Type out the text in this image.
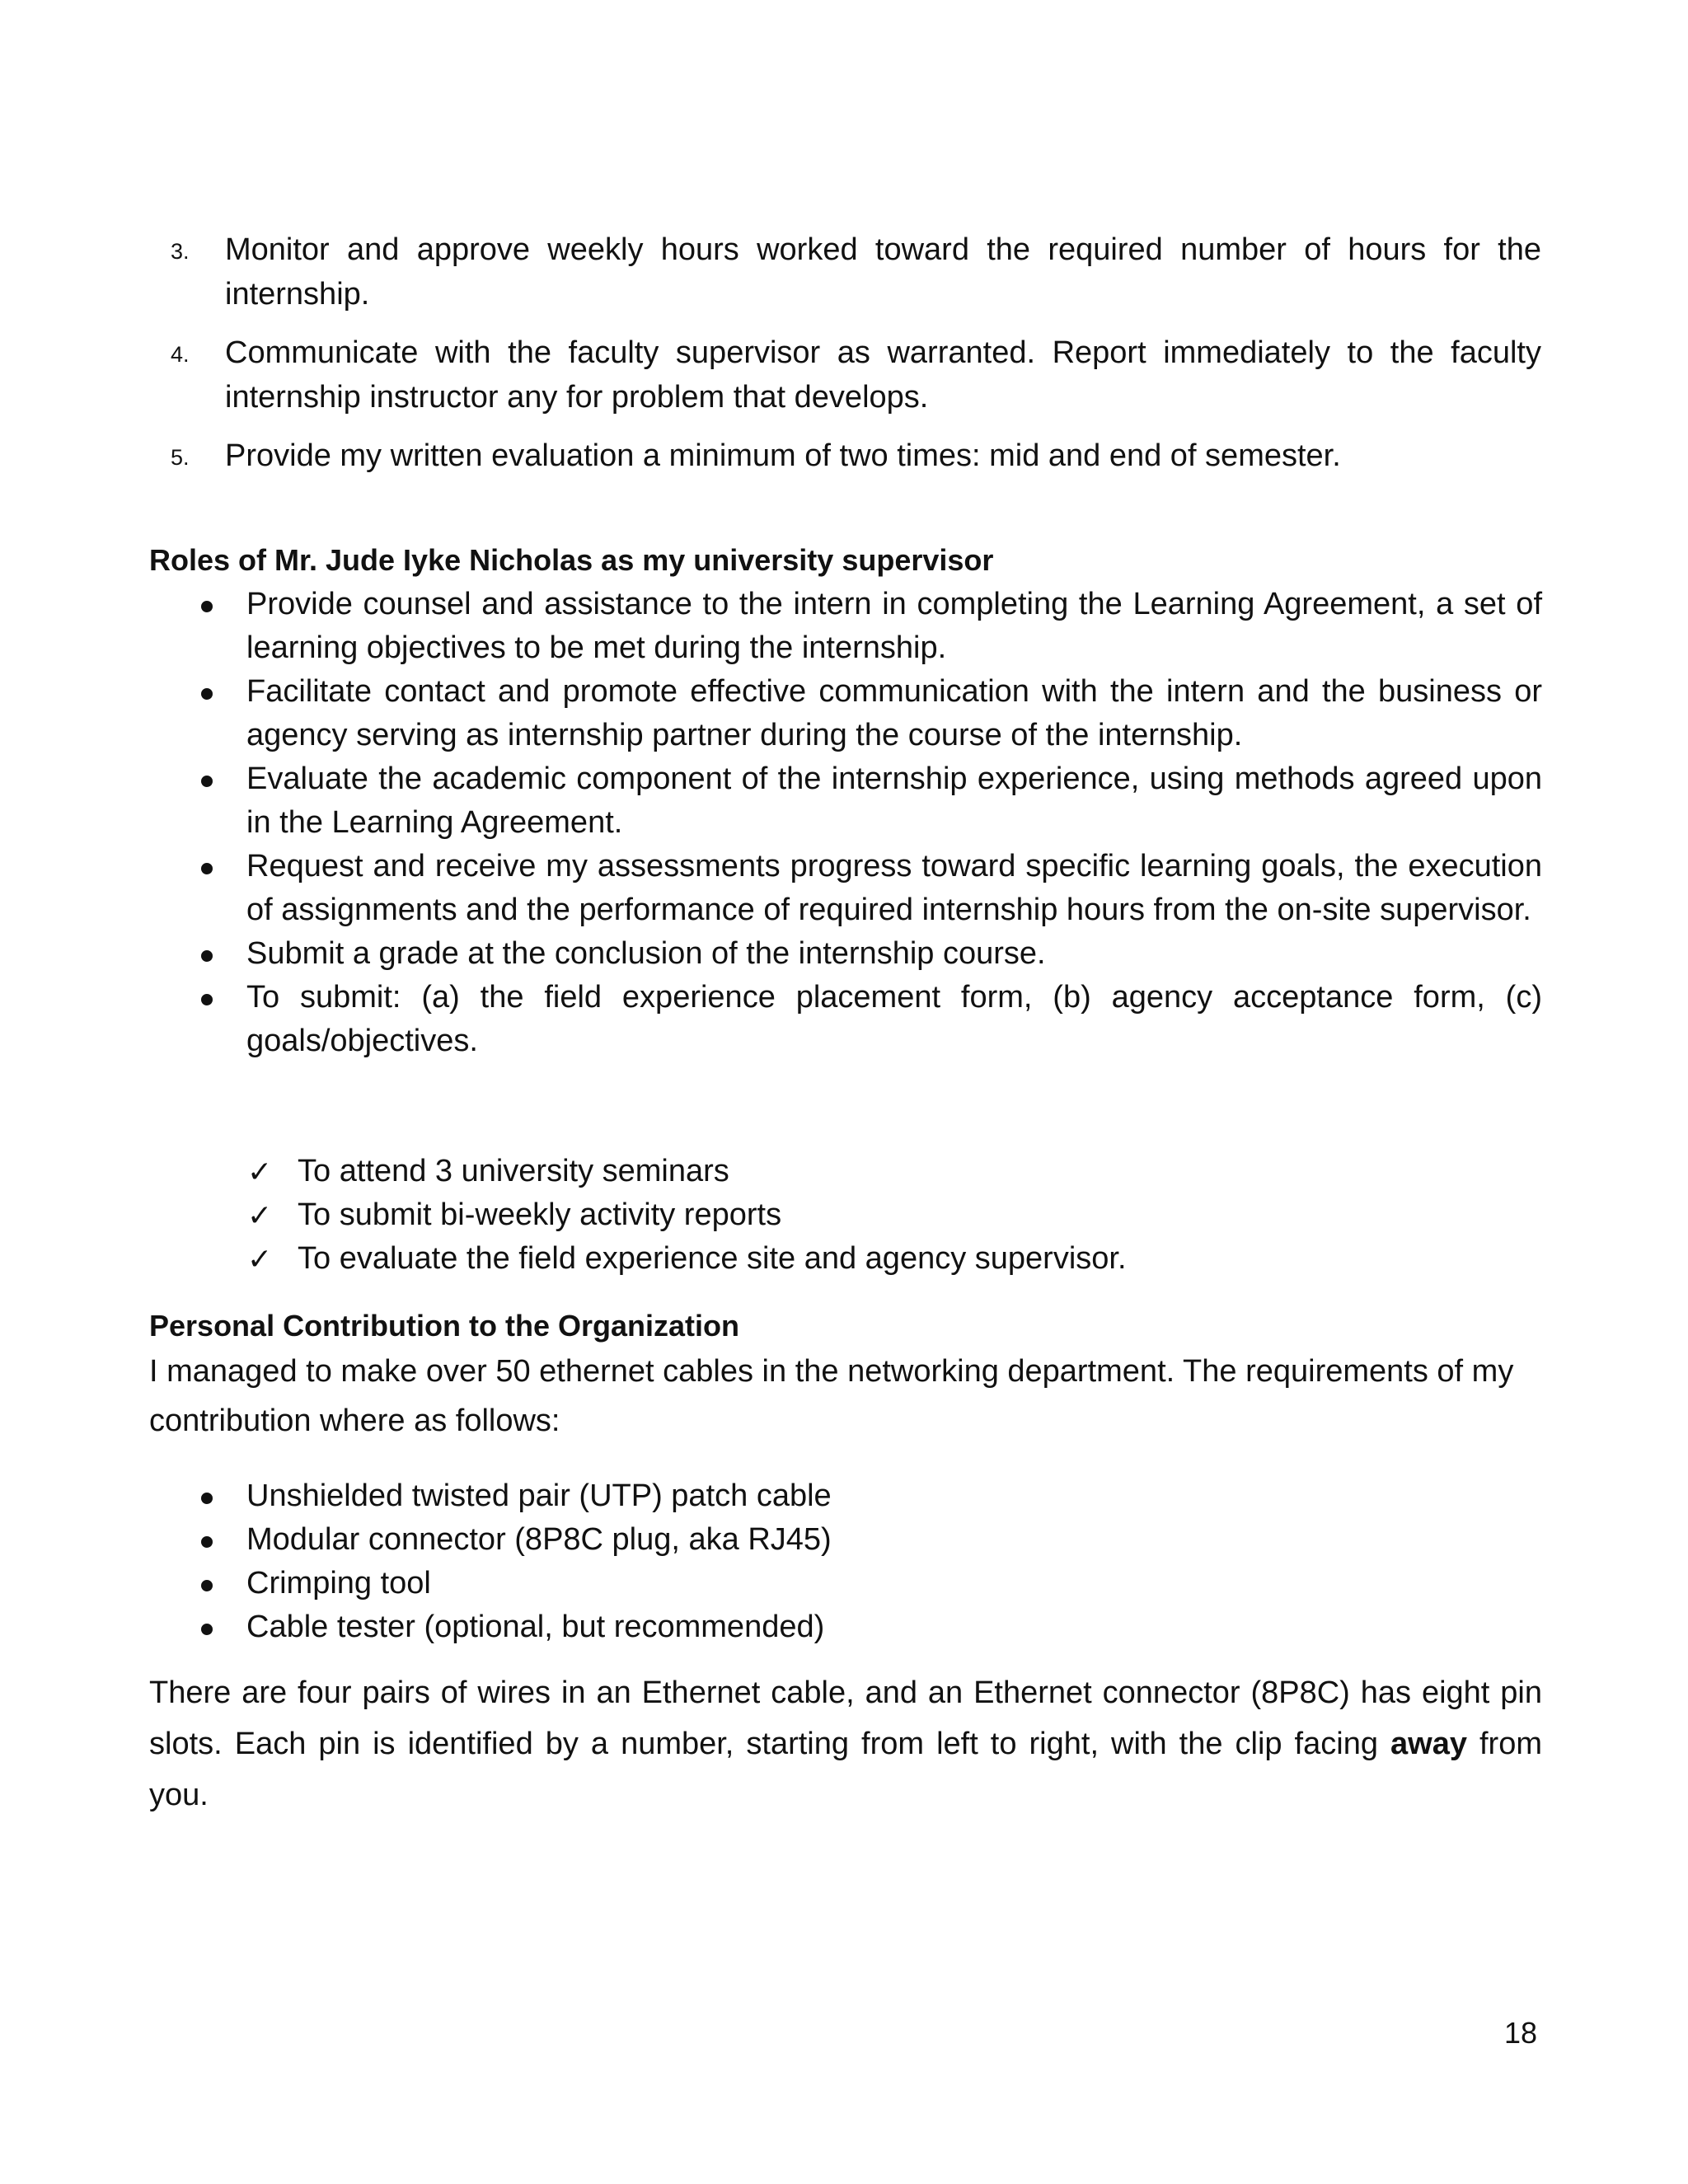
3. Monitor and approve weekly hours worked toward the required number of hours for the internship.
4. Communicate with the faculty supervisor as warranted. Report immediately to the faculty internship instructor any for problem that develops.
5. Provide my written evaluation a minimum of two times: mid and end of semester.
Roles of Mr. Jude Iyke Nicholas as my university supervisor
Provide counsel and assistance to the intern in completing the Learning Agreement, a set of learning objectives to be met during the internship.
Facilitate contact and promote effective communication with the intern and the business or agency serving as internship partner during the course of the internship.
Evaluate the academic component of the internship experience, using methods agreed upon in the Learning Agreement.
Request and receive my assessments progress toward specific learning goals, the execution of assignments and the performance of required internship hours from the on-site supervisor.
Submit a grade at the conclusion of the internship course.
To submit: (a) the field experience placement form, (b) agency acceptance form, (c) goals/objectives.
✓ To attend 3 university seminars
✓ To submit bi-weekly activity reports
✓ To evaluate the field experience site and agency supervisor.
Personal Contribution to the Organization
I managed to make over 50 ethernet cables in the networking department. The requirements of my contribution where as follows:
Unshielded twisted pair (UTP) patch cable
Modular connector (8P8C plug, aka RJ45)
Crimping tool
Cable tester (optional, but recommended)
There are four pairs of wires in an Ethernet cable, and an Ethernet connector (8P8C) has eight pin slots. Each pin is identified by a number, starting from left to right, with the clip facing away from you.
18
